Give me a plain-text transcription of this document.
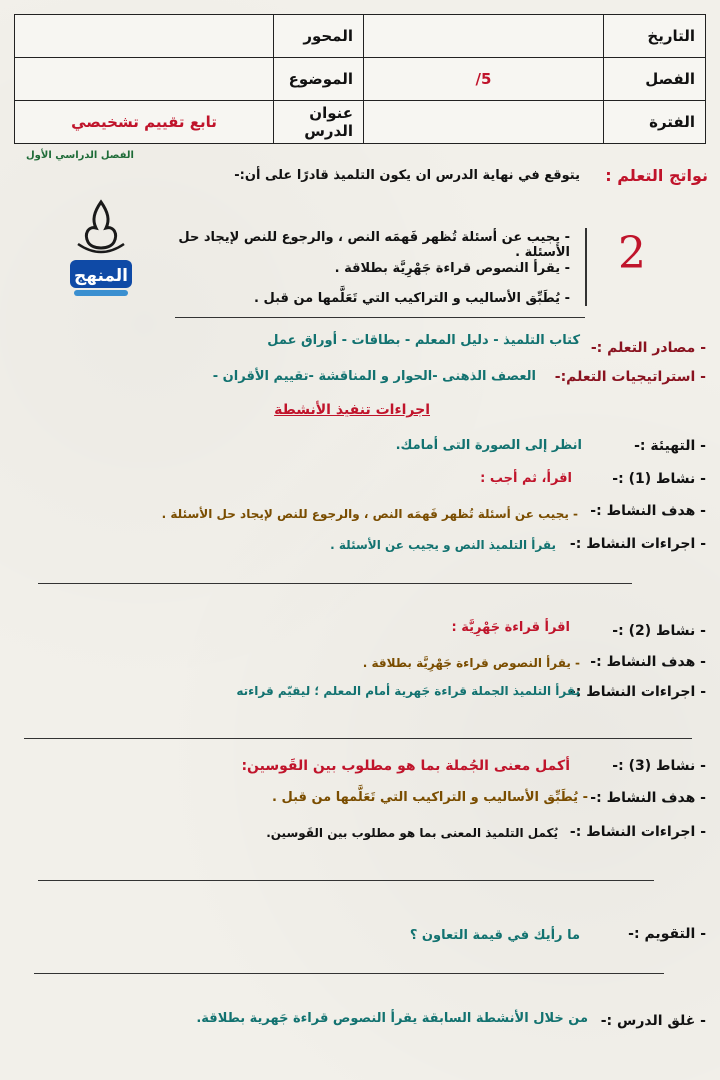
التاريخ		المحور	
الفصل	5/	الموضوع	
الفترة		عنوان الدرس	تابع تقييم تشخيصي
الفصل الدراسي الأول
نواتج التعلم :
يتوقع في نهاية الدرس ان يكون التلميذ قادرًا على أن:-
2
- يجيب عن أسئلة تُظهر فَهمَه النص ، والرجوع للنص لإيجاد حل الأسئلة .
- يقرأ النصوص قراءة جَهْرِيَّة بطلاقة .
- يُطَبِّق الأساليب و التراكيب التي تَعَلَّمها من قبل .
المنهج
- مصادر التعلم :-
كتاب التلميذ - دليل المعلم - بطاقات - أوراق عمل
- استراتيجيات التعلم:-
العصف الذهنى -الحوار و المناقشة -تقييم الأقران -
اجراءات تنفيذ الأنشطة
- التهيئة :-
انظر إلى الصورة التى أمامك.
- نشاط (1) :-
اقرأ، ثم أجب :
- هدف النشاط :-
- يجيب عن أسئلة تُظهر فَهمَه النص ، والرجوع للنص لإيجاد حل الأسئلة .
- اجراءات النشاط :-
يقرأ التلميذ النص و يجيب عن الأسئلة .
- نشاط (2) :-
اقرأ قراءة جَهْرِيَّة :
- هدف النشاط :-
- يقرأ النصوص قراءة جَهْرِيَّة بطلاقة .
- اجراءات النشاط :-
يقرأ التلميذ الجملة قراءة جَهرية أمام المعلم ؛ ليقيّم قراءته
- نشاط (3) :-
أكمل معنى الجُملة بما هو مطلوب بين القَوسين:
- هدف النشاط :-
- يُطَبِّق الأساليب و التراكيب التي تَعَلَّمها من قبل .
- اجراءات النشاط :-
يُكمل التلميذ المعنى بما هو مطلوب بين القَوسين.
- التقويم :-
ما رأيك في قيمة التعاون ؟
- غلق الدرس :-
من خلال الأنشطة السابقة يقرأ النصوص قراءة جَهرية بطلاقة.
